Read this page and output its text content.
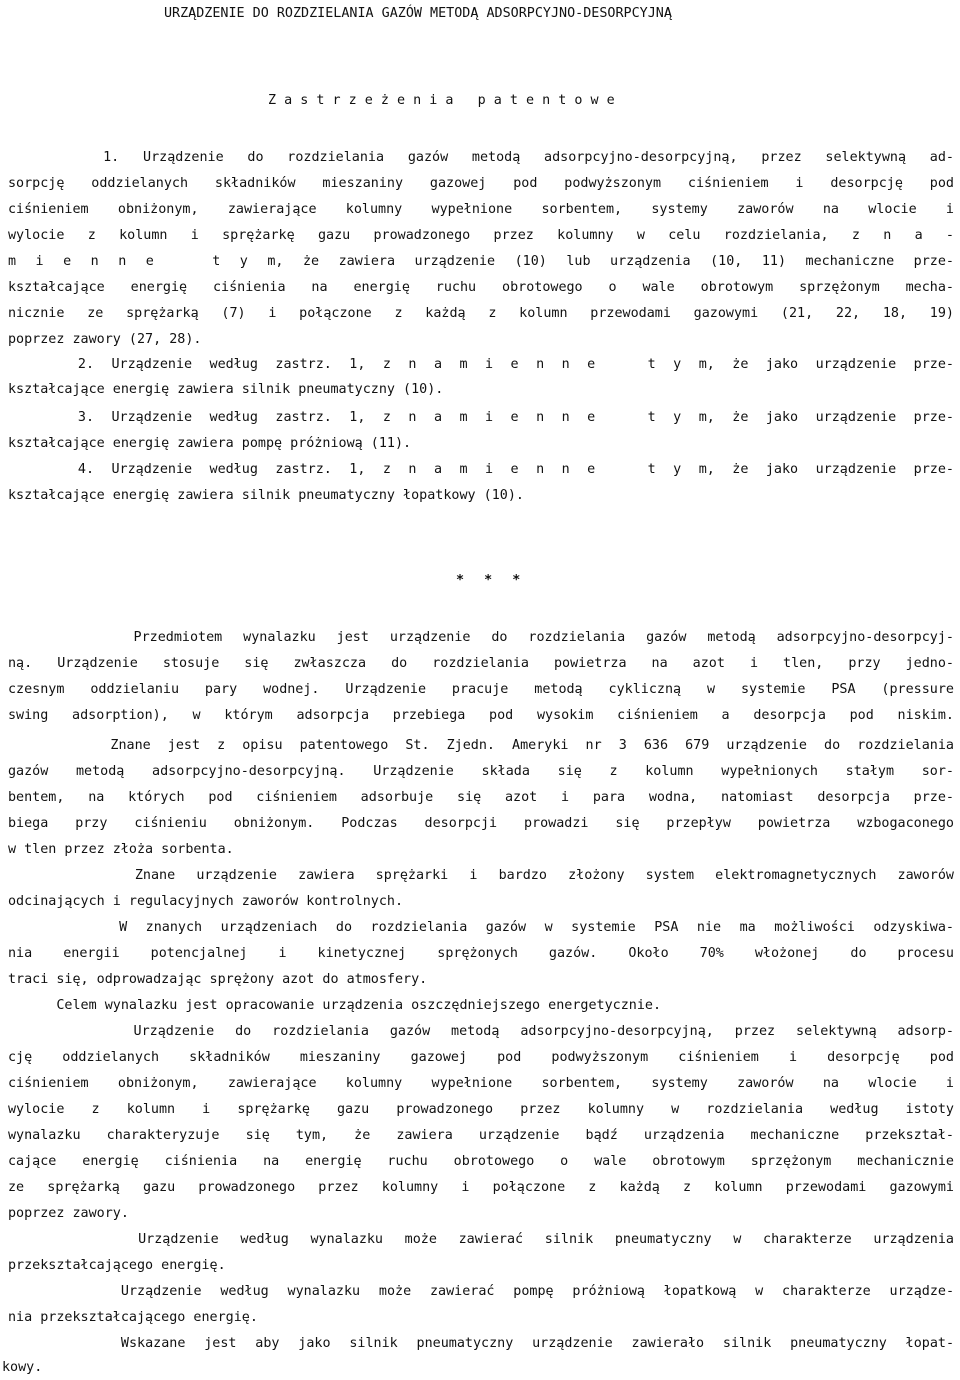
URZĄDZENIE DO ROZDZIELANIA GAZÓW METODĄ ADSORPCYJNO-DESORPCYJNĄ
Z a s t r z e ż e n i a   p a t e n t o w e
1. Urządzenie do rozdzielania gazów metodą adsorpcyjno-desorpcyjną, przez selektywną ad-
sorpcję oddzielanych składników mieszaniny gazowej pod podwyższonym ciśnieniem i desorpcję pod
ciśnieniem obniżonym, zawierające kolumny wypełnione sorbentem, systemy zaworów na wlocie i
wylocie z kolumn i sprężarkę gazu prowadzonego przez kolumny w celu rozdzielania, z n a -
m i e n n e   t y m, że zawiera urządzenie (10) lub urządzenia (10, 11) mechaniczne prze-
kształcające energię ciśnienia na energię ruchu obrotowego o wale obrotowym sprzężonym mecha-
nicznie ze sprężarką (7) i połączone z każdą z kolumn przewodami gazowymi (21, 22, 18, 19)
poprzez zawory (27, 28).
2. Urządzenie według zastrz. 1, z n a m i e n n e   t y m, że jako urządzenie prze-
kształcające energię zawiera silnik pneumatyczny (10).
3. Urządzenie według zastrz. 1, z n a m i e n n e   t y m, że jako urządzenie prze-
kształcające energię zawiera pompę próżniową (11).
4. Urządzenie według zastrz. 1, z n a m i e n n e   t y m, że jako urządzenie prze-
kształcające energię zawiera silnik pneumatyczny łopatkowy (10).
* * *
Przedmiotem wynalazku jest urządzenie do rozdzielania gazów metodą adsorpcyjno-desorpcyj-
ną. Urządzenie stosuje się zwłaszcza do rozdzielania powietrza na azot i tlen, przy jedno-
czesnym oddzielaniu pary wodnej. Urządzenie pracuje metodą cykliczną w systemie PSA (pressure
swing adsorption), w którym adsorpcja przebiega pod wysokim ciśnieniem a desorpcja pod niskim.
Znane jest z opisu patentowego St. Zjedn. Ameryki nr 3 636 679 urządzenie do rozdzielania
gazów metodą adsorpcyjno-desorpcyjną. Urządzenie składa się z kolumn wypełnionych stałym sor-
bentem, na których pod ciśnieniem adsorbuje się azot i para wodna, natomiast desorpcja prze-
biega przy ciśnieniu obniżonym. Podczas desorpcji prowadzi się przepływ powietrza wzbogaconego
w tlen przez złoża sorbenta.
Znane urządzenie zawiera sprężarki i bardzo złożony system elektromagnetycznych zaworów
odcinających i regulacyjnych zaworów kontrolnych.
W znanych urządzeniach do rozdzielania gazów w systemie PSA nie ma możliwości odzyskiwa-
nia energii potencjalnej i kinetycznej sprężonych gazów. Około 70% włożonej do procesu
traci się, odprowadzając sprężony azot do atmosfery.
Celem wynalazku jest opracowanie urządzenia oszczędniejszego energetycznie.
Urządzenie do rozdzielania gazów metodą adsorpcyjno-desorpcyjną, przez selektywną adsorp-
cję oddzielanych składników mieszaniny gazowej pod podwyższonym ciśnieniem i desorpcję pod
ciśnieniem obniżonym, zawierające kolumny wypełnione sorbentem, systemy zaworów na wlocie i
wylocie z kolumn i sprężarkę gazu prowadzonego przez kolumny w rozdzielania według istoty
wynalazku charakteryzuje się tym, że zawiera urządzenie bądź urządzenia mechaniczne przekształ-
cające energię ciśnienia na energię ruchu obrotowego o wale obrotowym sprzężonym mechanicznie
ze sprężarką gazu prowadzonego przez kolumny i połączone z każdą z kolumn przewodami gazowymi
poprzez zawory.
Urządzenie według wynalazku może zawierać silnik pneumatyczny w charakterze urządzenia
przekształcającego energię.
Urządzenie według wynalazku może zawierać pompę próżniową łopatkową w charakterze urządze-
nia przekształcającego energię.
Wskazane jest aby jako silnik pneumatyczny urządzenie zawierało silnik pneumatyczny łopat-
kowy.
